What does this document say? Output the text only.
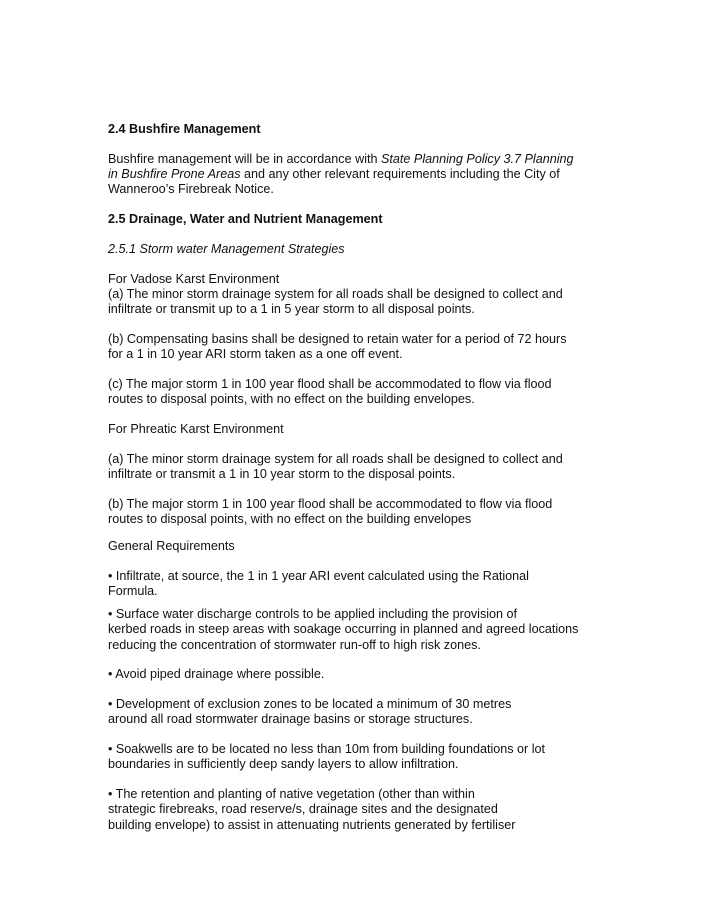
2.4 Bushfire Management

Bushfire management will be in accordance with State Planning Policy 3.7 Planning
in Bushfire Prone Areas and any other relevant requirements including the City of
Wanneroo’s Firebreak Notice.

2.5 Drainage, Water and Nutrient Management

2.5.1 Storm water Management Strategies

For Vadose Karst Environment

(a) The minor storm drainage system for all roads shall be designed to collect and
infiltrate or transmit up to a 1 in 5 year storm to all disposal points.

(b) Compensating basins shall be designed to retain water for a period of 72 hours
for a 1 in 10 year ARI storm taken as a one off event.

(c) The major storm 1 in 100 year flood shall be accommodated to flow via flood
routes to disposal points, with no effect on the building envelopes.

For Phreatic Karst Environment

(a) The minor storm drainage system for all roads shall be designed to collect and
infiltrate or transmit a 1 in 10 year storm to the disposal points.

(b) The major storm 1 in 100 year flood shall be accommodated to flow via flood
routes to disposal points, with no effect on the building envelopes

General Requirements

• Infiltrate, at source, the 1 in 1 year ARI event calculated using the Rational
Formula.

• Surface water discharge controls to be applied including the provision of
kerbed roads in steep areas with soakage occurring in planned and agreed locations
reducing the concentration of stormwater run-off to high risk zones.

• Avoid piped drainage where possible.

• Development of exclusion zones to be located a minimum of 30 metres
around all road stormwater drainage basins or storage structures.

• Soakwells are to be located no less than 10m from building foundations or lot
boundaries in sufficiently deep sandy layers to allow infiltration.

• The retention and planting of native vegetation (other than within
strategic firebreaks, road reserve/s, drainage sites and the designated
building envelope) to assist in attenuating nutrients generated by fertiliser
